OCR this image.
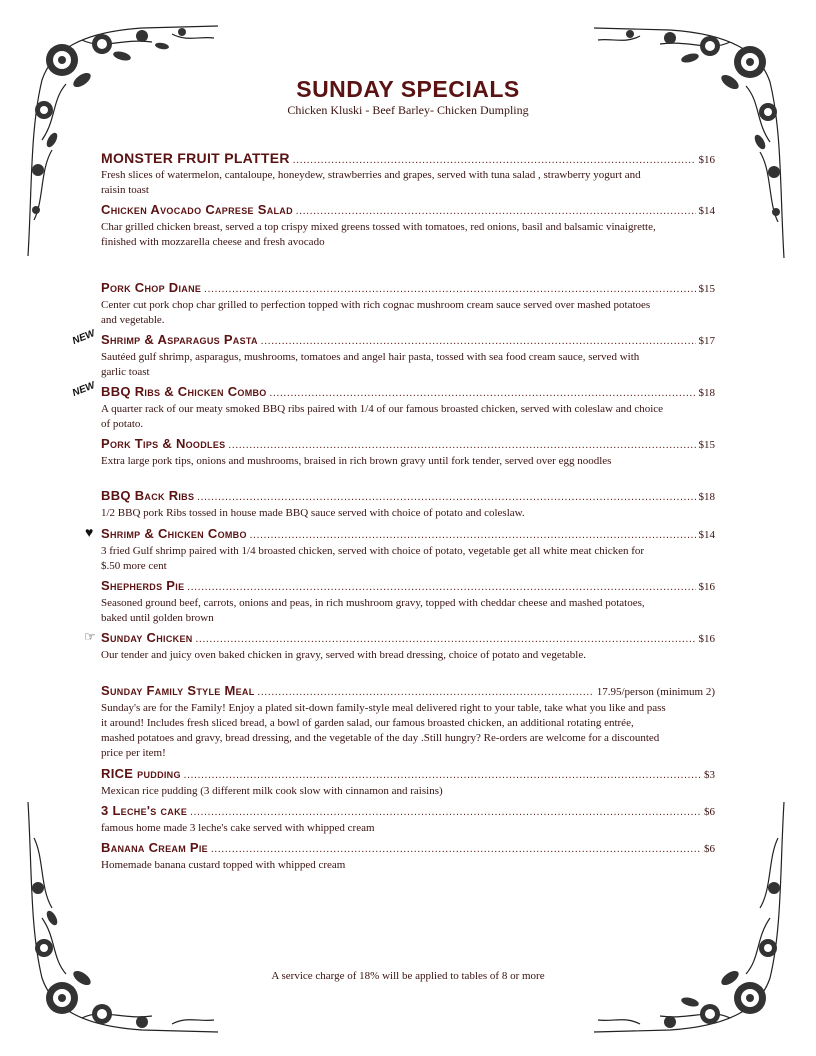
SUNDAY SPECIALS
Chicken Kluski - Beef Barley- Chicken Dumpling
NEW
NEW
♥
☞
MONSTER FRUIT PLATTER .....	$16
Fresh slices of watermelon, cantaloupe, honeydew, strawberries and grapes, served with tuna salad , strawberry yogurt and raisin toast
Chicken Avocado Caprese Salad .....	$14
Char grilled chicken breast, served a top crispy mixed greens tossed with tomatoes, red onions, basil and balsamic vinaigrette, finished with mozzarella cheese and fresh avocado
Pork Chop Diane .....	$15
Center cut pork chop char grilled to perfection topped with rich cognac mushroom cream sauce served over mashed potatoes and vegetable.
Shrimp & Asparagus Pasta .....	$17
Sautéed gulf shrimp, asparagus, mushrooms, tomatoes and angel hair pasta, tossed with sea food cream sauce, served with garlic toast
BBQ Ribs & Chicken Combo .....	$18
A quarter rack of our meaty smoked BBQ ribs paired with 1/4 of our famous broasted chicken, served with coleslaw and choice of potato.
Pork Tips & Noodles .....	$15
Extra large pork tips, onions and mushrooms, braised in rich brown gravy until fork tender, served over egg noodles
BBQ Back Ribs .....	$18
1/2 BBQ pork Ribs tossed in house made BBQ sauce served with choice of potato and coleslaw.
Shrimp & Chicken Combo .....	$14
3 fried Gulf shrimp paired with 1/4 broasted chicken, served with choice of potato, vegetable get all white meat chicken for $.50 more cent
Shepherds Pie .....	$16
Seasoned ground beef, carrots, onions and peas, in rich mushroom gravy, topped with cheddar cheese and mashed potatoes, baked until golden brown
Sunday Chicken .....	$16
Our tender and juicy oven baked chicken in gravy, served with bread dressing, choice of potato and vegetable.
Sunday Family Style Meal .....	17.95/person (minimum 2)
Sunday's are for the Family! Enjoy a plated sit-down family-style meal delivered right to your table, take what you like and pass it around! Includes fresh sliced bread, a bowl of garden salad, our famous broasted chicken, an additional rotating entrée, mashed potatoes and gravy, bread dressing, and the vegetable of the day .Still hungry? Re-orders are welcome for a discounted price per item!
RICE pudding .....	$3
Mexican rice pudding (3 different milk cook slow with cinnamon and raisins)
3 Leche's cake .....	$6
famous home made 3 leche's cake served with whipped cream
Banana Cream Pie .....	$6
Homemade banana custard topped with whipped cream
A service charge of 18% will be applied to tables of 8 or more
